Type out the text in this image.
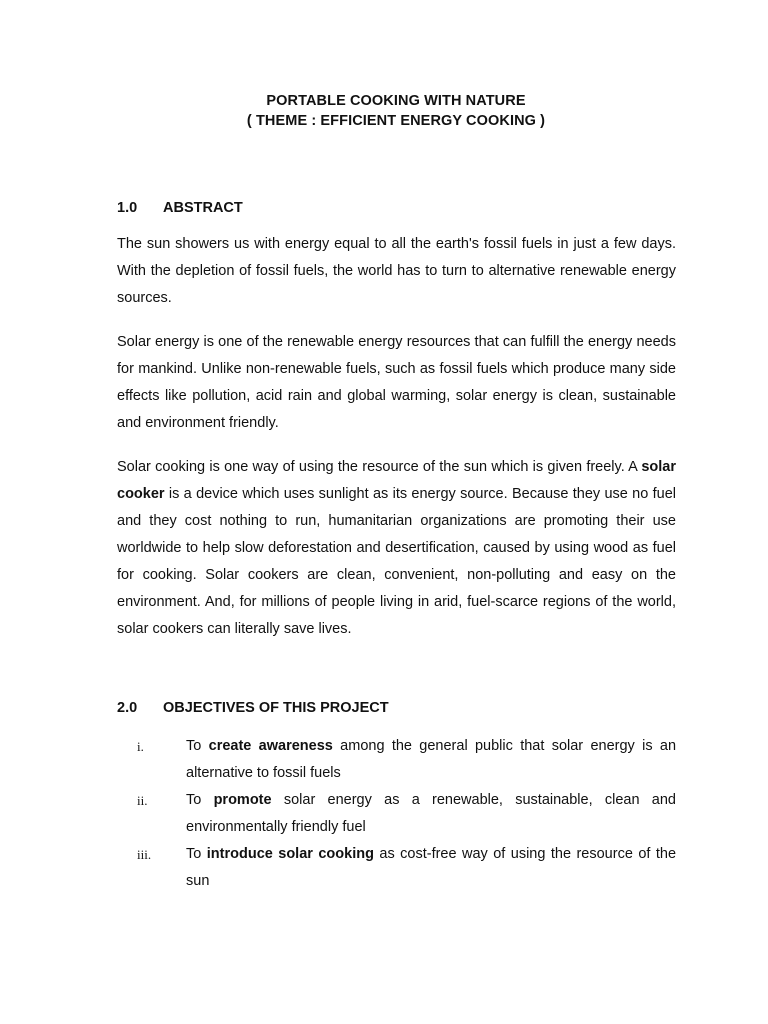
PORTABLE COOKING WITH NATURE
( THEME : EFFICIENT ENERGY COOKING )
1.0 ABSTRACT

The sun showers us with energy equal to all the earth's fossil fuels in just a few days. With the depletion of fossil fuels, the world has to turn to alternative renewable energy sources.

Solar energy is one of the renewable energy resources that can fulfill the energy needs for mankind. Unlike non-renewable fuels, such as fossil fuels which produce many side effects like pollution, acid rain and global warming, solar energy is clean, sustainable and environment friendly.

Solar cooking is one way of using the resource of the sun which is given freely. A solar cooker is a device which uses sunlight as its energy source. Because they use no fuel and they cost nothing to run, humanitarian organizations are promoting their use worldwide to help slow deforestation and desertification, caused by using wood as fuel for cooking. Solar cookers are clean, convenient, non-polluting and easy on the environment. And, for millions of people living in arid, fuel-scarce regions of the world, solar cookers can literally save lives.

2.0 OBJECTIVES OF THIS PROJECT
i.	To create awareness among the general public that solar energy is an alternative to fossil fuels
ii.	To promote solar energy as a renewable, sustainable, clean and environmentally friendly fuel
iii. To introduce solar cooking as cost-free way of using the resource of the sun
